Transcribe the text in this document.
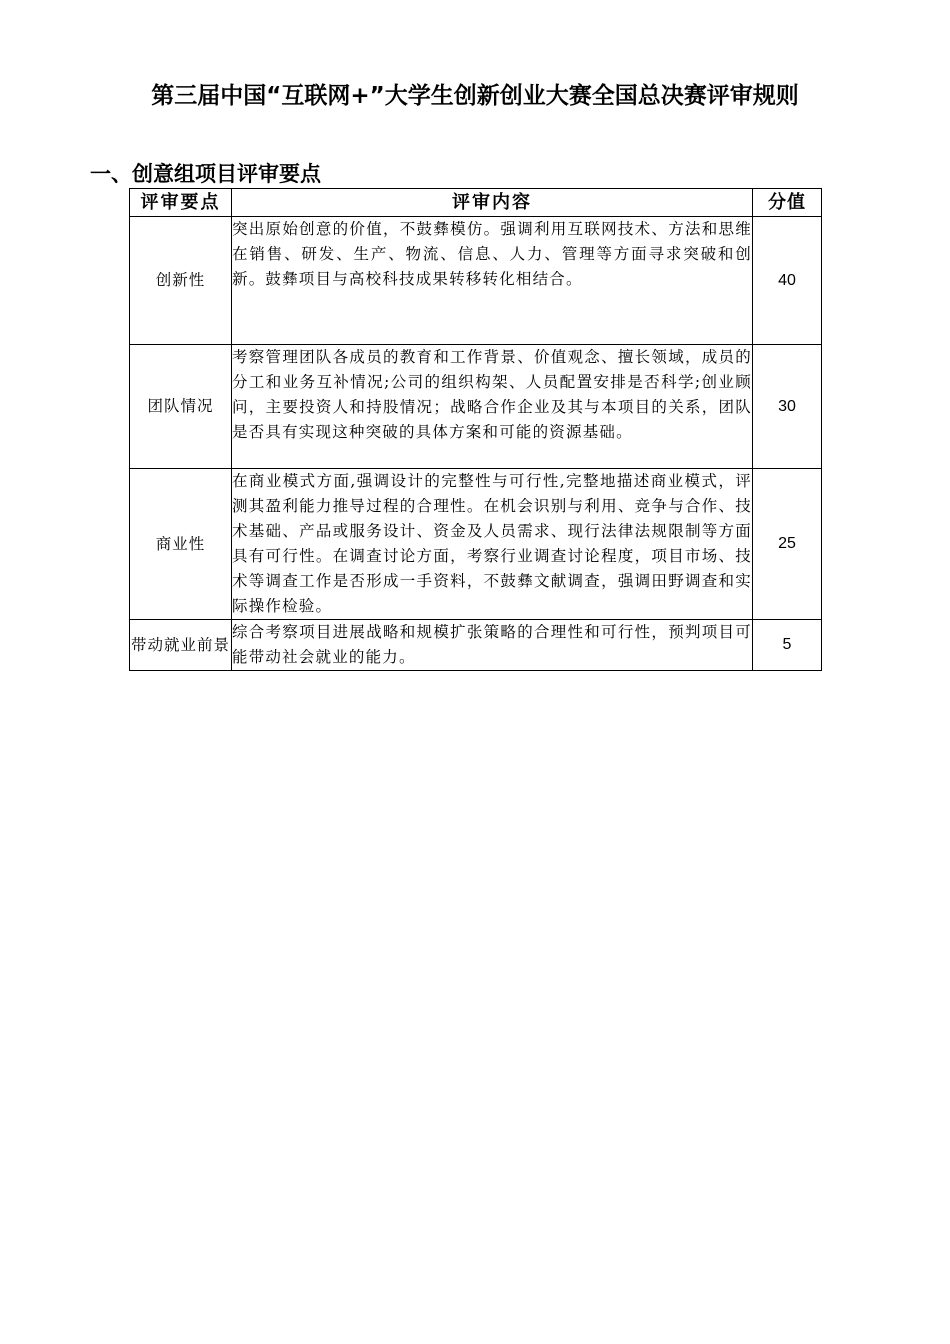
第三届中国“互联网+”大学生创新创业大赛全国总决赛评审规则
一、创意组项目评审要点
评审要点	评审内容	分值
创新性	突出原始创意的价值，不鼓彝模仿。强调利用互联网技术、方法和思维在销售、研发、生产、物流、信息、人力、管理等方面寻求突破和创新。鼓彝项目与高校科技成果转移转化相结合。	40
团队情况	考察管理团队各成员的教育和工作背景、价值观念、擅长领域，成员的分工和业务互补情况;公司的组织构架、人员配置安排是否科学;创业顾问，主要投资人和持股情况；战略合作企业及其与本项目的关系，团队是否具有实现这种突破的具体方案和可能的资源基础。	30
商业性	在商业模式方面,强调设计的完整性与可行性,完整地描述商业模式，评测其盈利能力推导过程的合理性。在机会识别与利用、竞争与合作、技术基础、产品或服务设计、资金及人员需求、现行法律法规限制等方面具有可行性。在调查讨论方面，考察行业调查讨论程度，项目市场、技术等调查工作是否形成一手资料，不鼓彝文献调查，强调田野调查和实际操作检验。	25
带动就业前景	综合考察项目进展战略和规模扩张策略的合理性和可行性，预判项目可能带动社会就业的能力。	5
